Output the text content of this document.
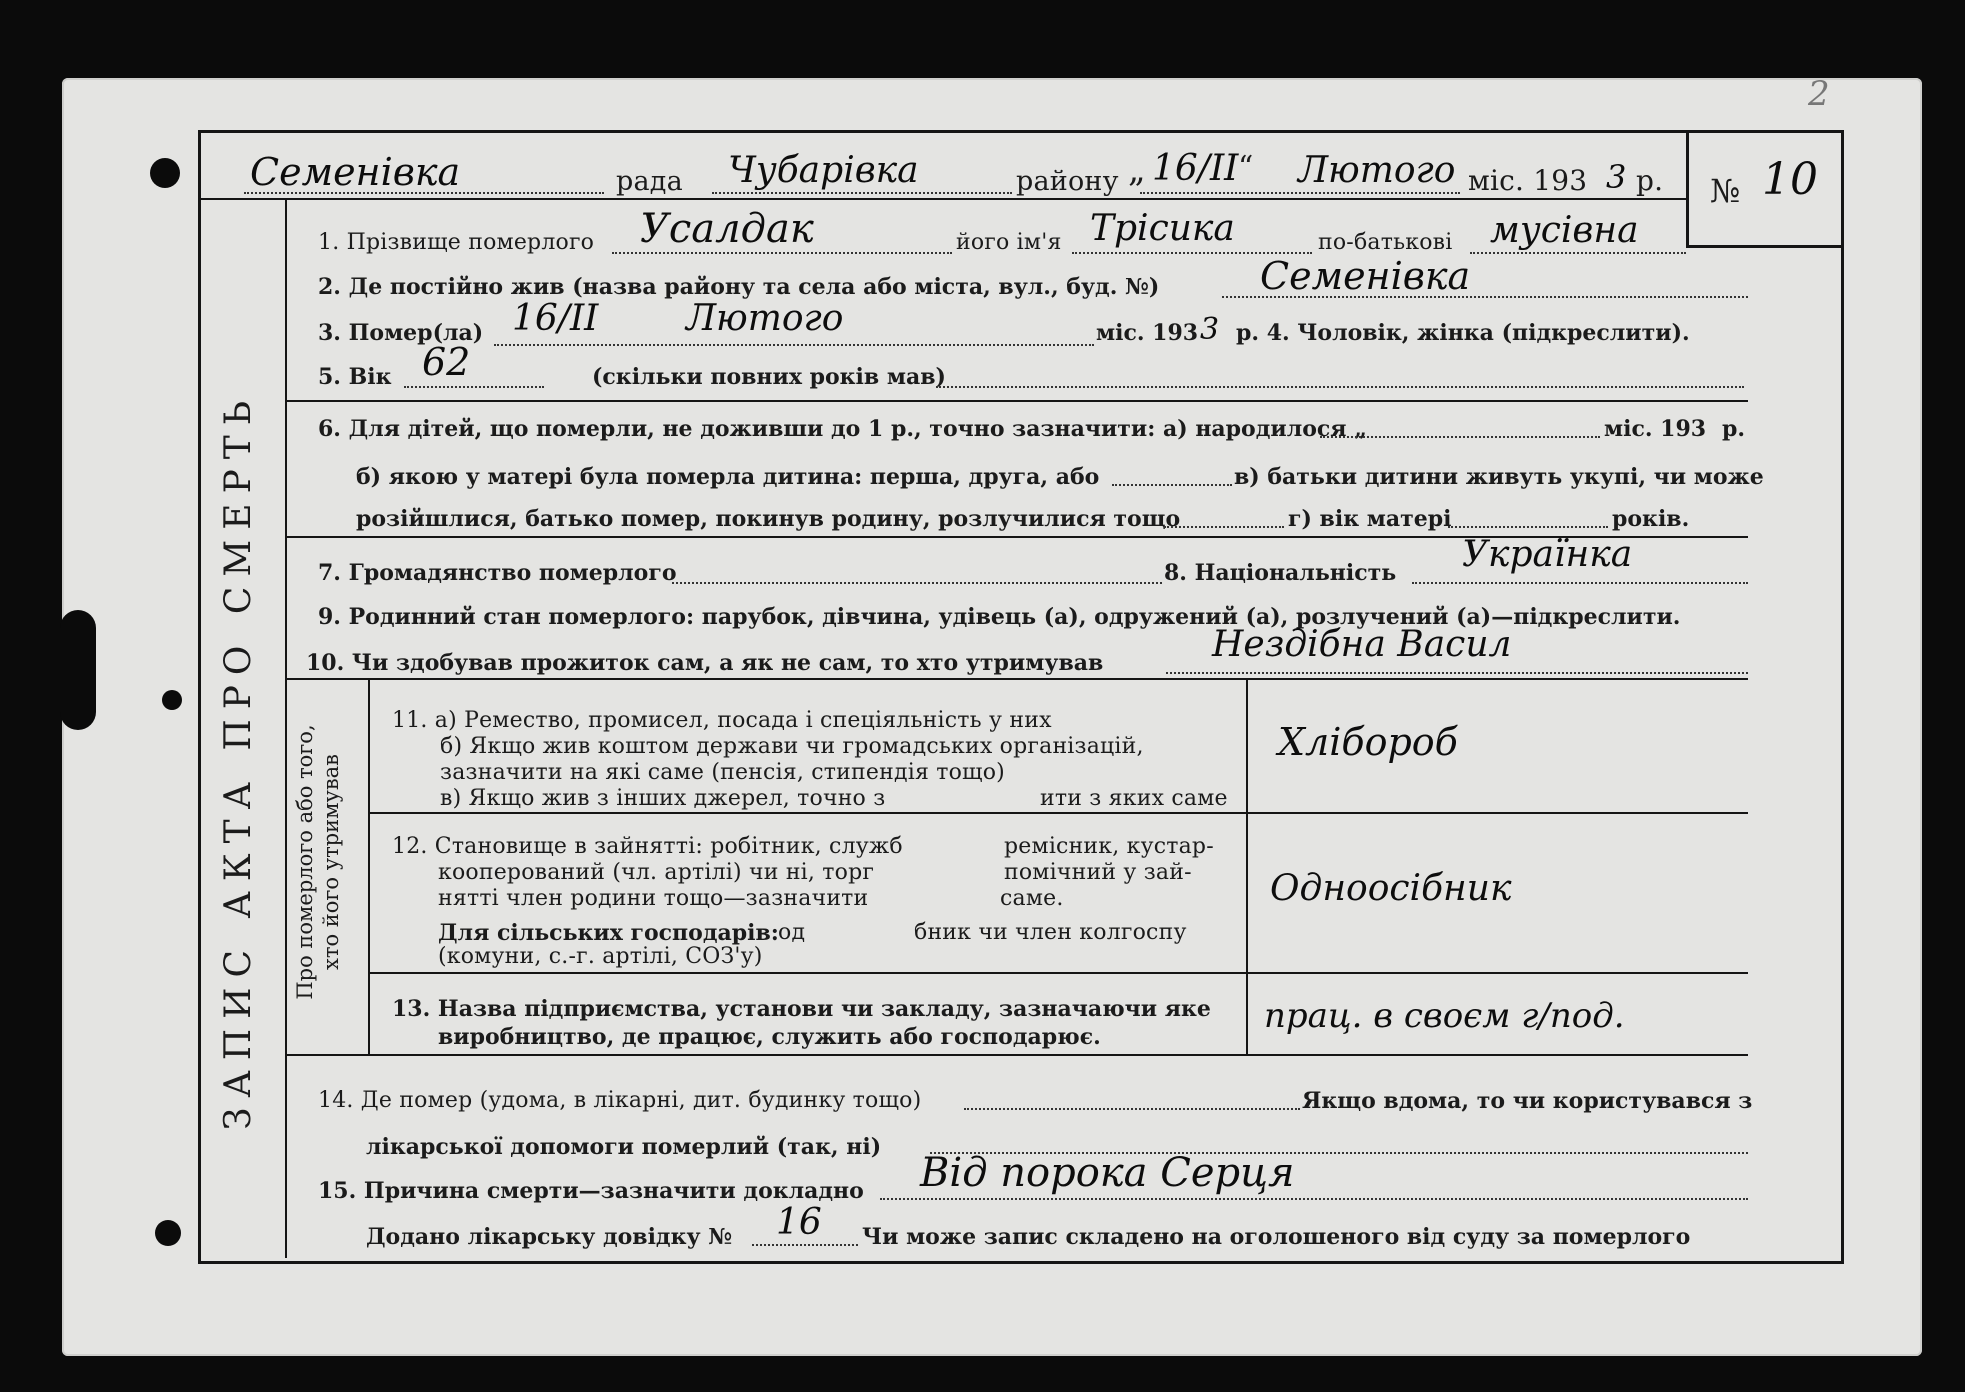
2
ЗАПИС АКТА ПРО СМЕРТЬ Про померлого або того,
хто його утримував
Семенівка	рада Чубарівка	району „ 16/ІІ “ Лютого міс. 193 3 р. № 10
1. Прізвище померлого Усалдак	його ім'я Трісика	по-батькові мусівна
2. Де постійно жив (назва району та села або міста, вул., буд. №)	Семенівка
3. Помер(ла) 16/ІІ Лютого	міс. 193 3 р. 4. Чоловік, жінка (підкреслити).
5. Вік 62	(скільки повних років мав)
6. Для дітей, що померли, не доживши до 1 р., точно зазначити: а) народилося „	міс. 193 р.
б) якою у матері була померла дитина: перша, друга, або	в) батьки дитини живуть укупі, чи може
розійшлися, батько помер, покинув родину, розлучилися тощо	г) вік матері	років.
7. Громадянство померлого	8. Національність Українка
9. Родинний стан померлого: парубок, дівчина, удівець (а), одружений (а), розлучений (а)—підкреслити.
10. Чи здобував прожиток сам, а як не сам, то хто утримував	Нездібна Васил
11. а) Ремество, промисел, посада і спеціяльність у них
б) Якщо жив коштом держави чи громадських організацій,
зазначити на які саме (пенсія, стипендія тощо)
в) Якщо жив з інших джерел, точно з	ити з яких саме
Хлібороб
12. Становище в зайнятті: робітник, служб	ремісник, кустар-
кооперований (чл. артілі) чи ні, торг	помічний у зай-
нятті член родини тощо—зазначити	саме.
Для сільських господарів: од	бник чи член колгоспу
(комуни, с.-г. артілі, СОЗ'у)
Одноосібник
13. Назва підприємства, установи чи закладу, зазначаючи яке
виробництво, де працює, служить або господарює.
прац. в своєм г/под.
14. Де помер (удома, в лікарні, дит. будинку тощо)	Якщо вдома, то чи користувався з
лікарської допомоги померлий (так, ні)
15. Причина смерти—зазначити докладно Від порока Серця
Додано лікарську довідку № 16 Чи може запис складено на оголошеного від суду за померлого
